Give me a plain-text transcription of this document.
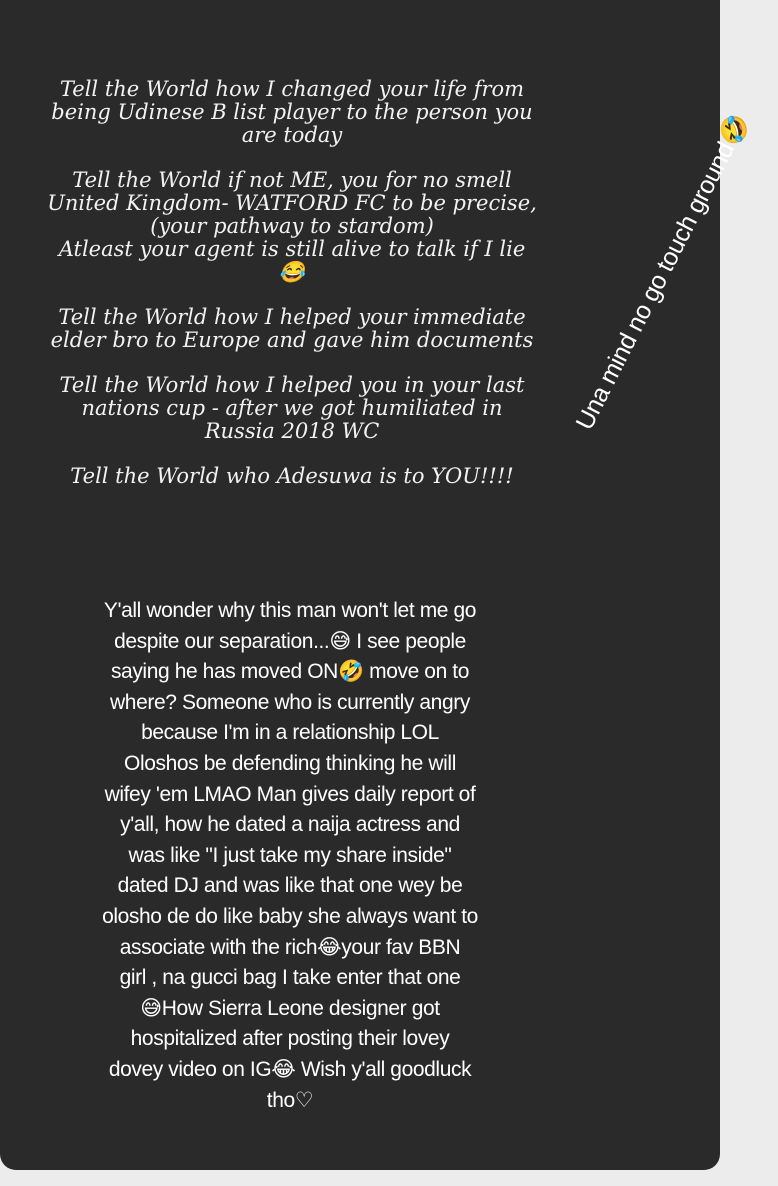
Tell the World how I changed your life from
being Udinese B list player to the person you
are today

Tell the World if not ME, you for no smell
United Kingdom- WATFORD FC to be precise,
(your pathway to stardom)
Atleast your agent is still alive to talk if I lie
😂

Tell the World how I helped your immediate
elder bro to Europe and gave him documents

Tell the World how I helped you in your last
nations cup - after we got humiliated in
Russia 2018 WC

Tell the World who Adesuwa is to YOU!!!!

Una mind no go touch ground🤣
Y'all wonder why this man won't let me go
despite our separation...😅 I see people
saying he has moved ON🤣 move on to
where? Someone who is currently angry
because I'm in a relationship LOL
Oloshos be defending thinking he will
wifey 'em LMAO Man gives daily report of
y'all, how he dated a naija actress and
was like "I just take my share inside"
dated DJ and was like that one wey be
olosho de do like baby she always want to
associate with the rich😂your fav BBN
girl , na gucci bag I take enter that one
😅How Sierra Leone designer got
hospitalized after posting their lovey
dovey video on IG😂 Wish y'all goodluck
tho♡
